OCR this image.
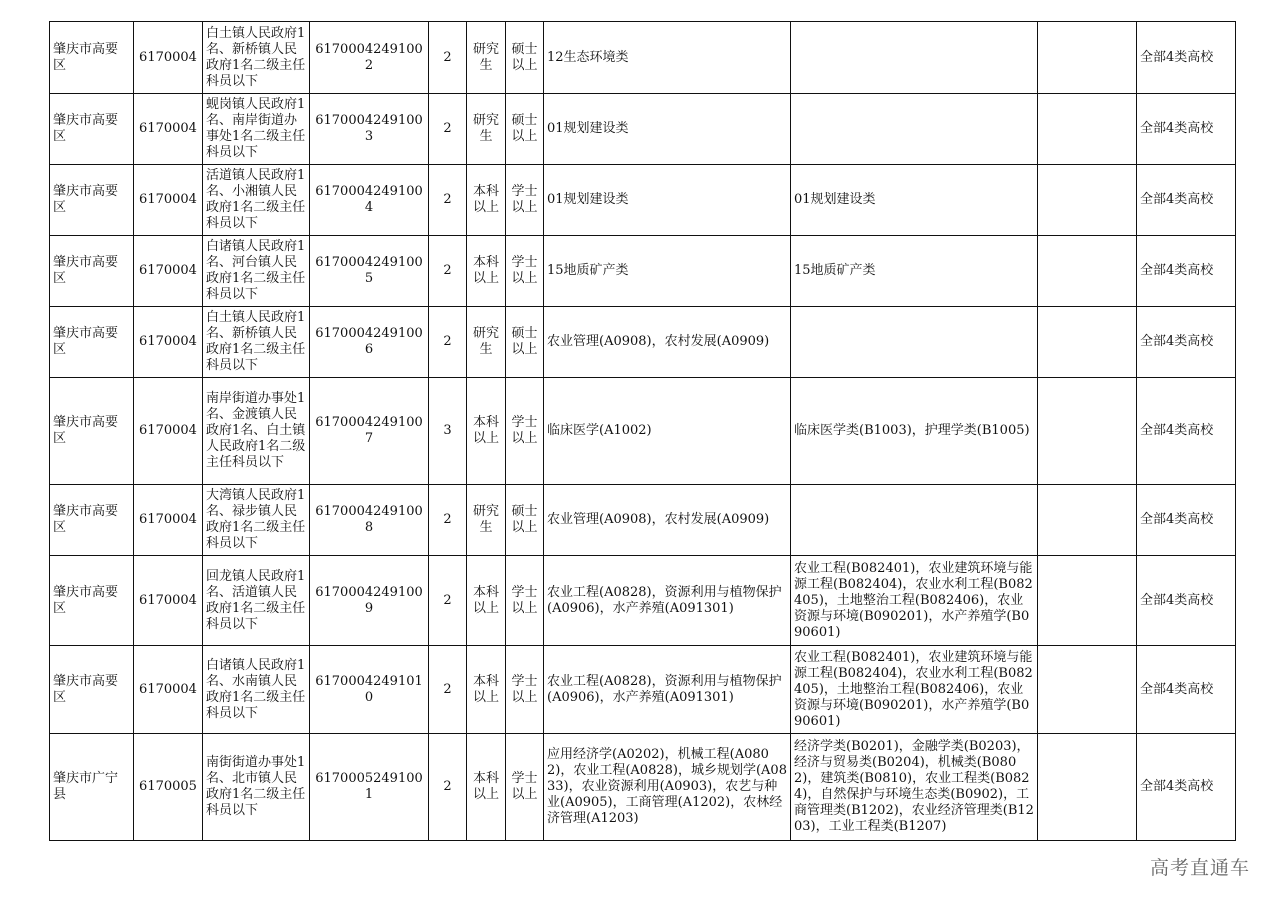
肇庆市高要区	6170004	白土镇人民政府1名、新桥镇人民政府1名二级主任科员以下	61700042491002	2	研究生	硕士以上	12生态环境类			全部4类高校
肇庆市高要区	6170004	蚬岗镇人民政府1名、南岸街道办事处1名二级主任科员以下	61700042491003	2	研究生	硕士以上	01规划建设类			全部4类高校
肇庆市高要区	6170004	活道镇人民政府1名、小湘镇人民政府1名二级主任科员以下	61700042491004	2	本科以上	学士以上	01规划建设类	01规划建设类		全部4类高校
肇庆市高要区	6170004	白诸镇人民政府1名、河台镇人民政府1名二级主任科员以下	61700042491005	2	本科以上	学士以上	15地质矿产类	15地质矿产类		全部4类高校
肇庆市高要区	6170004	白土镇人民政府1名、新桥镇人民政府1名二级主任科员以下	61700042491006	2	研究生	硕士以上	农业管理(A0908)，农村发展(A0909)			全部4类高校
肇庆市高要区	6170004	南岸街道办事处1名、金渡镇人民政府1名、白土镇人民政府1名二级主任科员以下	61700042491007	3	本科以上	学士以上	临床医学(A1002)	临床医学类(B1003)，护理学类(B1005)		全部4类高校
肇庆市高要区	6170004	大湾镇人民政府1名、禄步镇人民政府1名二级主任科员以下	61700042491008	2	研究生	硕士以上	农业管理(A0908)，农村发展(A0909)			全部4类高校
肇庆市高要区	6170004	回龙镇人民政府1名、活道镇人民政府1名二级主任科员以下	61700042491009	2	本科以上	学士以上	农业工程(A0828)，资源利用与植物保护(A0906)，水产养殖(A091301)	农业工程(B082401)，农业建筑环境与能源工程(B082404)，农业水利工程(B082405)，土地整治工程(B082406)，农业资源与环境(B090201)，水产养殖学(B090601)		全部4类高校
肇庆市高要区	6170004	白诸镇人民政府1名、水南镇人民政府1名二级主任科员以下	61700042491010	2	本科以上	学士以上	农业工程(A0828)，资源利用与植物保护(A0906)，水产养殖(A091301)	农业工程(B082401)，农业建筑环境与能源工程(B082404)，农业水利工程(B082405)，土地整治工程(B082406)，农业资源与环境(B090201)，水产养殖学(B090601)		全部4类高校
肇庆市广宁县	6170005	南街街道办事处1名、北市镇人民政府1名二级主任科员以下	61700052491001	2	本科以上	学士以上	应用经济学(A0202)，机械工程(A0802)，农业工程(A0828)，城乡规划学(A0833)，农业资源利用(A0903)，农艺与种业(A0905)，工商管理(A1202)，农林经济管理(A1203)	经济学类(B0201)，金融学类(B0203)，经济与贸易类(B0204)，机械类(B0802)，建筑类(B0810)，农业工程类(B0824)，自然保护与环境生态类(B0902)，工商管理类(B1202)，农业经济管理类(B1203)，工业工程类(B1207)		全部4类高校
高考直通车
